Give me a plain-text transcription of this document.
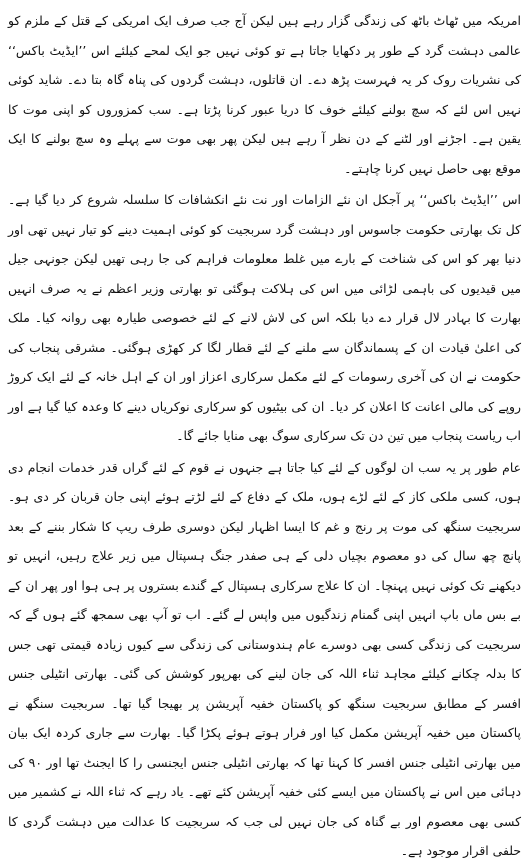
امریکہ میں ٹھاٹ باٹھ کی زندگی گزار رہے ہیں لیکن آج جب صرف ایک امریکی کے قتل کے ملزم کو عالمی دہشت گرد کے طور پر دکھایا جاتا ہے تو کوئی نہیں جو ایک لمحے کیلئے اس ’’ایڈیٹ باکس‘‘ کی نشریات روک کر یہ فہرست پڑھ دے۔ ان قاتلوں، دہشت گردوں کی پناہ گاہ بتا دے۔ شاید کوئی نہیں اس لئے کہ سچ بولنے کیلئے خوف کا دریا عبور کرنا پڑتا ہے۔ سب کمزوروں کو اپنی موت کا یقین ہے۔ اجڑنے اور لٹنے کے دن نظر آ رہے ہیں لیکن پھر بھی موت سے پہلے وہ سچ بولنے کا ایک موقع بھی حاصل نہیں کرنا چاہتے۔

اس ’’ایڈیٹ باکس‘‘ پر آجکل ان نئے الزامات اور نت نئے انکشافات کا سلسلہ شروع کر دیا گیا ہے۔ کل تک بھارتی حکومت جاسوس اور دہشت گرد سربجیت کو کوئی اہمیت دینے کو تیار نہیں تھی اور دنیا بھر کو اس کی شناخت کے بارے میں غلط معلومات فراہم کی جا رہی تھیں لیکن جونہی جیل میں قیدیوں کی باہمی لڑائی میں اس کی ہلاکت ہوگئی تو بھارتی وزیر اعظم نے یہ صرف انہیں بھارت کا بہادر لال قرار دے دیا بلکہ اس کی لاش لانے کے لئے خصوصی طیارہ بھی روانہ کیا۔ ملک کی اعلیٰ قیادت ان کے پسماندگان سے ملنے کے لئے قطار لگا کر کھڑی ہوگئی۔ مشرقی پنجاب کی حکومت نے ان کی آخری رسومات کے لئے مکمل سرکاری اعزاز اور ان کے اہل خانہ کے لئے ایک کروڑ روپے کی مالی اعانت کا اعلان کر دیا۔ ان کی بیٹیوں کو سرکاری نوکریاں دینے کا وعدہ کیا گیا ہے اور اب ریاست پنجاب میں تین دن تک سرکاری سوگ بھی منایا جائے گا۔

عام طور پر یہ سب ان لوگوں کے لئے کیا جاتا ہے جنہوں نے قوم کے لئے گراں قدر خدمات انجام دی ہوں، کسی ملکی کاز کے لئے لڑے ہوں، ملک کے دفاع کے لئے لڑتے ہوئے اپنی جان قربان کر دی ہو۔ سربجیت سنگھ کی موت پر رنج و غم کا ایسا اظہار لیکن دوسری طرف ریپ کا شکار بننے کے بعد پانچ چھ سال کی دو معصوم بچیاں دلی کے ہی صفدر جنگ ہسپتال میں زیر علاج رہیں، انہیں تو دیکھنے تک کوئی نہیں پہنچا۔ ان کا علاج سرکاری ہسپتال کے گندے بستروں پر ہی ہوا اور پھر ان کے بے بس ماں باپ انہیں اپنی گمنام زندگیوں میں واپس لے گئے۔ اب تو آپ بھی سمجھ گئے ہوں گے کہ سربجیت کی زندگی کسی بھی دوسرے عام ہندوستانی کی زندگی سے کیوں زیادہ قیمتی تھی جس کا بدلہ چکانے کیلئے مجاہد ثناء اللہ کی جان لینے کی بھرپور کوشش کی گئی۔ بھارتی انٹیلی جنس افسر کے مطابق سربجیت سنگھ کو پاکستان خفیہ آپریشن پر بھیجا گیا تھا۔ سربجیت سنگھ نے پاکستان میں خفیہ آپریشن مکمل کیا اور فرار ہوتے ہوئے پکڑا گیا۔ بھارت سے جاری کردہ ایک بیان میں بھارتی انٹیلی جنس افسر کا کہنا تھا کہ بھارتی انٹیلی جنس ایجنسی را کا ایجنٹ تھا اور ۹۰ کی دہائی میں اس نے پاکستان میں ایسے کئی خفیہ آپریشن کئے تھے۔ یاد رہے کہ ثناء اللہ نے کشمیر میں کسی بھی معصوم اور بے گناہ کی جان نہیں لی جب کہ سربجیت کا عدالت میں دہشت گردی کا حلفی اقرار موجود ہے۔
